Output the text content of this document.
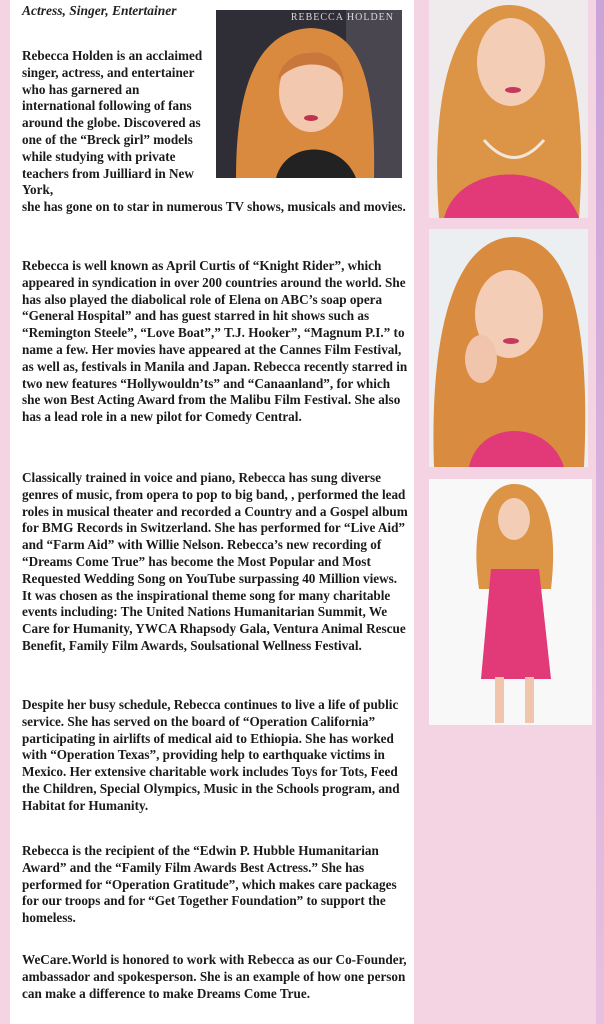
Actress, Singer, Entertainer

Rebecca Holden is an acclaimed singer, actress, and entertainer who has garnered an international following of fans around the globe. Discovered as one of the “Breck girl” models while studying with private teachers from Juilliard in New York,
she has gone on to star in numerous TV shows, musicals and movies.

Rebecca is well known as April Curtis of “Knight Rider”, which appeared in syndication in over 200 countries around the world. She has also played the diabolical role of Elena on ABC’s soap opera “General Hospital” and has guest starred in hit shows such as “Remington Steele”, “Love Boat”,” T.J. Hooker”, “Magnum P.I.” to name a few. Her movies have appeared at the Cannes Film Festival, as well as, festivals in Manila and Japan. Rebecca recently starred in two new features “Hollywouldn’ts” and “Canaanland”, for which she won Best Acting Award from the Malibu Film Festival. She also has a lead role in a new pilot for Comedy Central.

Classically trained in voice and piano, Rebecca has sung diverse genres of music, from opera to pop to big band, , performed the lead roles in musical theater and recorded a Country and a Gospel album for BMG Records in Switzerland. She has performed for “Live Aid” and “Farm Aid” with Willie Nelson. Rebecca’s new recording of “Dreams Come True” has become the Most Popular and Most Requested Wedding Song on YouTube surpassing 40 Million views. It was chosen as the inspirational theme song for many charitable events including: The United Nations Humanitarian Summit, We Care for Humanity, YWCA Rhapsody Gala, Ventura Animal Rescue Benefit, Family Film Awards, Soulsational Wellness Festival.

Despite her busy schedule, Rebecca continues to live a life of public service. She has served on the board of “Operation California” participating in airlifts of medical aid to Ethiopia. She has worked with “Operation Texas”, providing help to earthquake victims in Mexico. Her extensive charitable work includes Toys for Tots, Feed the Children, Special Olympics, Music in the Schools program, and Habitat for Humanity.

Rebecca is the recipient of the “Edwin P. Hubble Humanitarian Award” and the “Family Film Awards Best Actress.” She has performed for “Operation Gratitude”, which makes care packages for our troops and for “Get Together Foundation” to support the homeless.

WeCare.World is honored to work with Rebecca as our Co-Founder, ambassador and spokesperson. She is an example of how one person can make a difference to make Dreams Come True.

REBECCA HOLDEN
